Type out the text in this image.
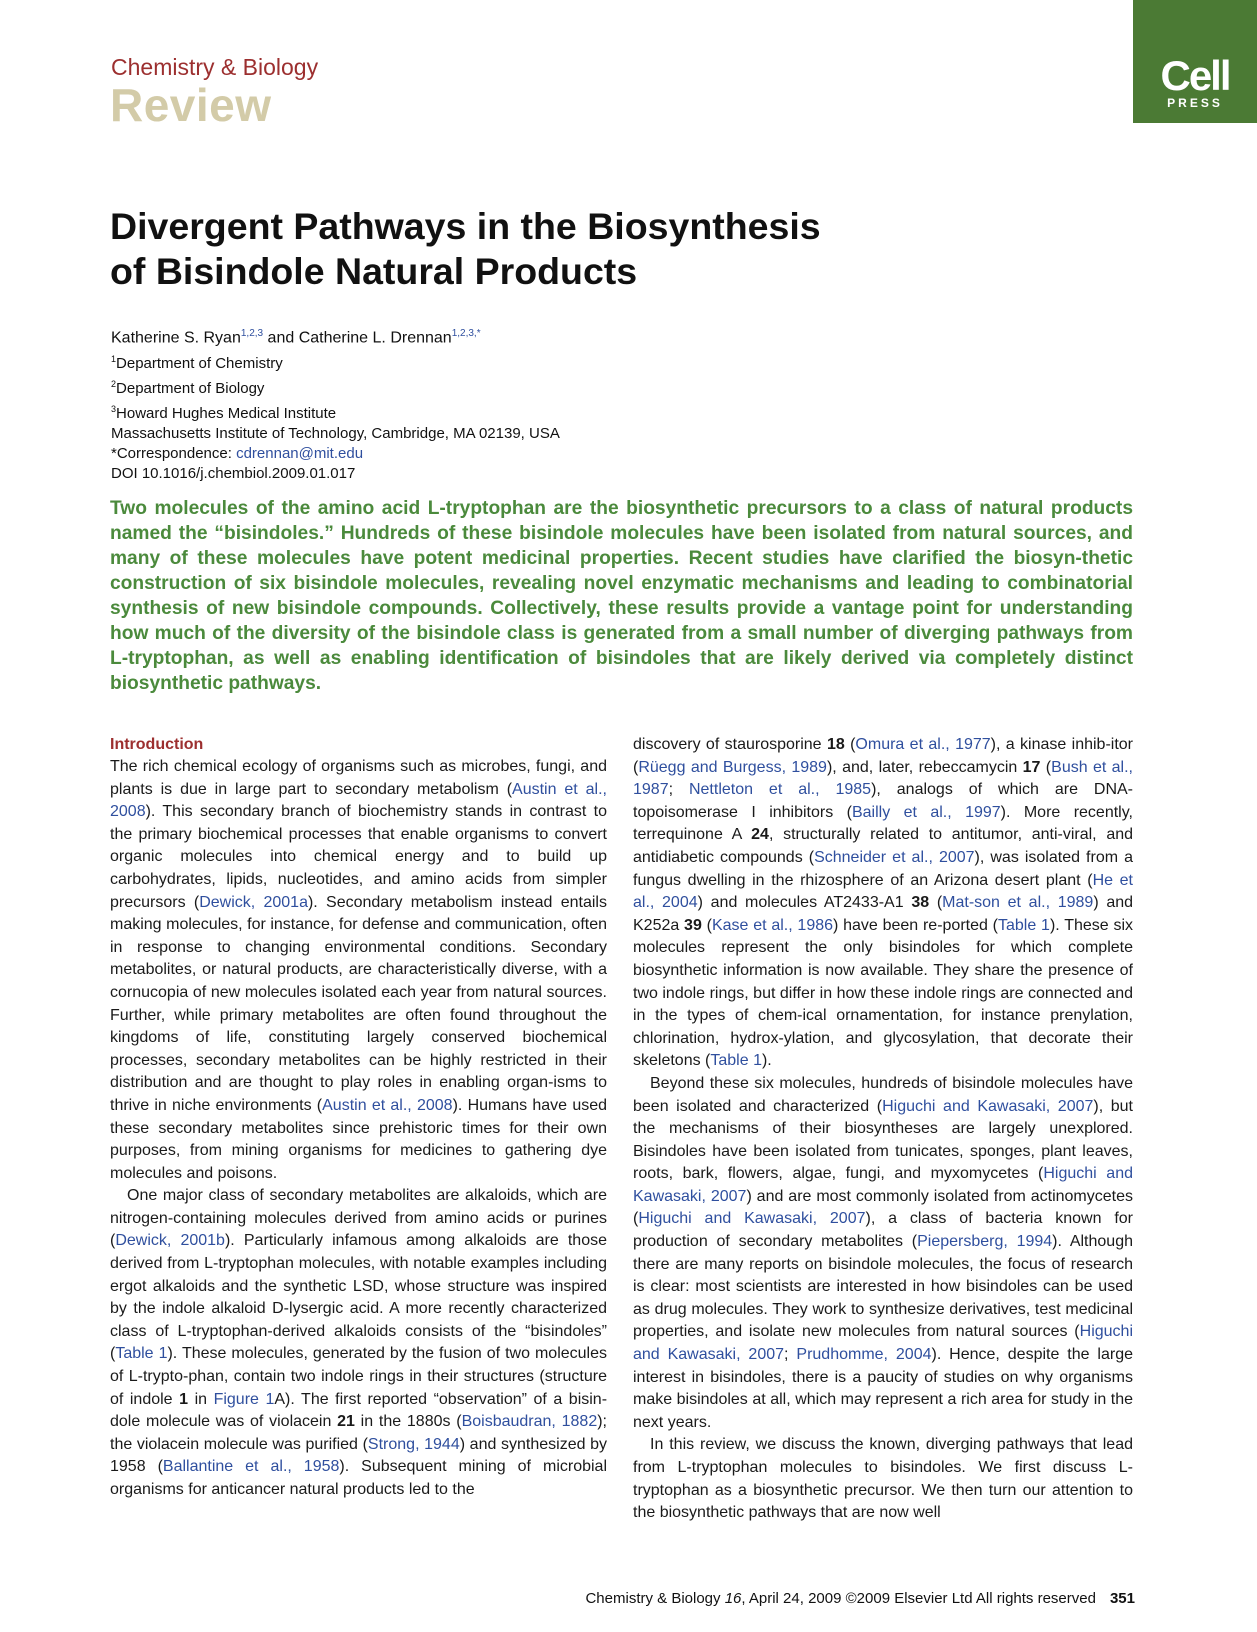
Chemistry & Biology
Review
Cell
PRESS
Divergent Pathways in the Biosynthesis
of Bisindole Natural Products
Katherine S. Ryan$^{1,2,3}$ and Catherine L. Drennan$^{1,2,3,*}$
$^1$Department of Chemistry
$^2$Department of Biology
$^3$Howard Hughes Medical Institute
Massachusetts Institute of Technology, Cambridge, MA 02139, USA
*Correspondence: cdrennan@mit.edu
DOI 10.1016/j.chembiol.2009.01.017

Two molecules of the amino acid L-tryptophan are the biosynthetic precursors to a class of natural products named the “bisindoles.” Hundreds of these bisindole molecules have been isolated from natural sources, and many of these molecules have potent medicinal properties. Recent studies have clarified the biosyn-thetic construction of six bisindole molecules, revealing novel enzymatic mechanisms and leading to combinatorial synthesis of new bisindole compounds. Collectively, these results provide a vantage point for understanding how much of the diversity of the bisindole class is generated from a small number of diverging pathways from L-tryptophan, as well as enabling identification of bisindoles that are likely derived via completely distinct biosynthetic pathways.

Introduction

The rich chemical ecology of organisms such as microbes, fungi, and plants is due in large part to secondary metabolism (Austin et al., 2008). This secondary branch of biochemistry stands in contrast to the primary biochemical processes that enable organisms to convert organic molecules into chemical energy and to build up carbohydrates, lipids, nucleotides, and amino acids from simpler precursors (Dewick, 2001a). Secondary metabolism instead entails making molecules, for instance, for defense and communication, often in response to changing environmental conditions. Secondary metabolites, or natural products, are characteristically diverse, with a cornucopia of new molecules isolated each year from natural sources. Further, while primary metabolites are often found throughout the kingdoms of life, constituting largely conserved biochemical processes, secondary metabolites can be highly restricted in their distribution and are thought to play roles in enabling organ-isms to thrive in niche environments (Austin et al., 2008). Humans have used these secondary metabolites since prehistoric times for their own purposes, from mining organisms for medicines to gathering dye molecules and poisons.

One major class of secondary metabolites are alkaloids, which are nitrogen-containing molecules derived from amino acids or purines (Dewick, 2001b). Particularly infamous among alkaloids are those derived from L-tryptophan molecules, with notable examples including ergot alkaloids and the synthetic LSD, whose structure was inspired by the indole alkaloid D-lysergic acid. A more recently characterized class of L-tryptophan-derived alkaloids consists of the “bisindoles” (Table 1). These molecules, generated by the fusion of two molecules of L-trypto-phan, contain two indole rings in their structures (structure of indole 1 in Figure 1A). The first reported “observation” of a bisin-dole molecule was of violacein 21 in the 1880s (Boisbaudran, 1882); the violacein molecule was purified (Strong, 1944) and synthesized by 1958 (Ballantine et al., 1958). Subsequent mining of microbial organisms for anticancer natural products led to the

discovery of staurosporine 18 (Omura et al., 1977), a kinase inhib-itor (Rüegg and Burgess, 1989), and, later, rebeccamycin 17 (Bush et al., 1987; Nettleton et al., 1985), analogs of which are DNA-topoisomerase I inhibitors (Bailly et al., 1997). More recently, terrequinone A 24, structurally related to antitumor, anti-viral, and antidiabetic compounds (Schneider et al., 2007), was isolated from a fungus dwelling in the rhizosphere of an Arizona desert plant (He et al., 2004) and molecules AT2433-A1 38 (Mat-son et al., 1989) and K252a 39 (Kase et al., 1986) have been re-ported (Table 1). These six molecules represent the only bisindoles for which complete biosynthetic information is now available. They share the presence of two indole rings, but differ in how these indole rings are connected and in the types of chem-ical ornamentation, for instance prenylation, chlorination, hydrox-ylation, and glycosylation, that decorate their skeletons (Table 1).

Beyond these six molecules, hundreds of bisindole molecules have been isolated and characterized (Higuchi and Kawasaki, 2007), but the mechanisms of their biosyntheses are largely unexplored. Bisindoles have been isolated from tunicates, sponges, plant leaves, roots, bark, flowers, algae, fungi, and myxomycetes (Higuchi and Kawasaki, 2007) and are most commonly isolated from actinomycetes (Higuchi and Kawasaki, 2007), a class of bacteria known for production of secondary metabolites (Piepersberg, 1994). Although there are many reports on bisindole molecules, the focus of research is clear: most scientists are interested in how bisindoles can be used as drug molecules. They work to synthesize derivatives, test medicinal properties, and isolate new molecules from natural sources (Higuchi and Kawasaki, 2007; Prudhomme, 2004). Hence, despite the large interest in bisindoles, there is a paucity of studies on why organisms make bisindoles at all, which may represent a rich area for study in the next years.

In this review, we discuss the known, diverging pathways that lead from L-tryptophan molecules to bisindoles. We first discuss L-tryptophan as a biosynthetic precursor. We then turn our attention to the biosynthetic pathways that are now well

Chemistry & Biology 16, April 24, 2009 ©2009 Elsevier Ltd All rights reserved 351
